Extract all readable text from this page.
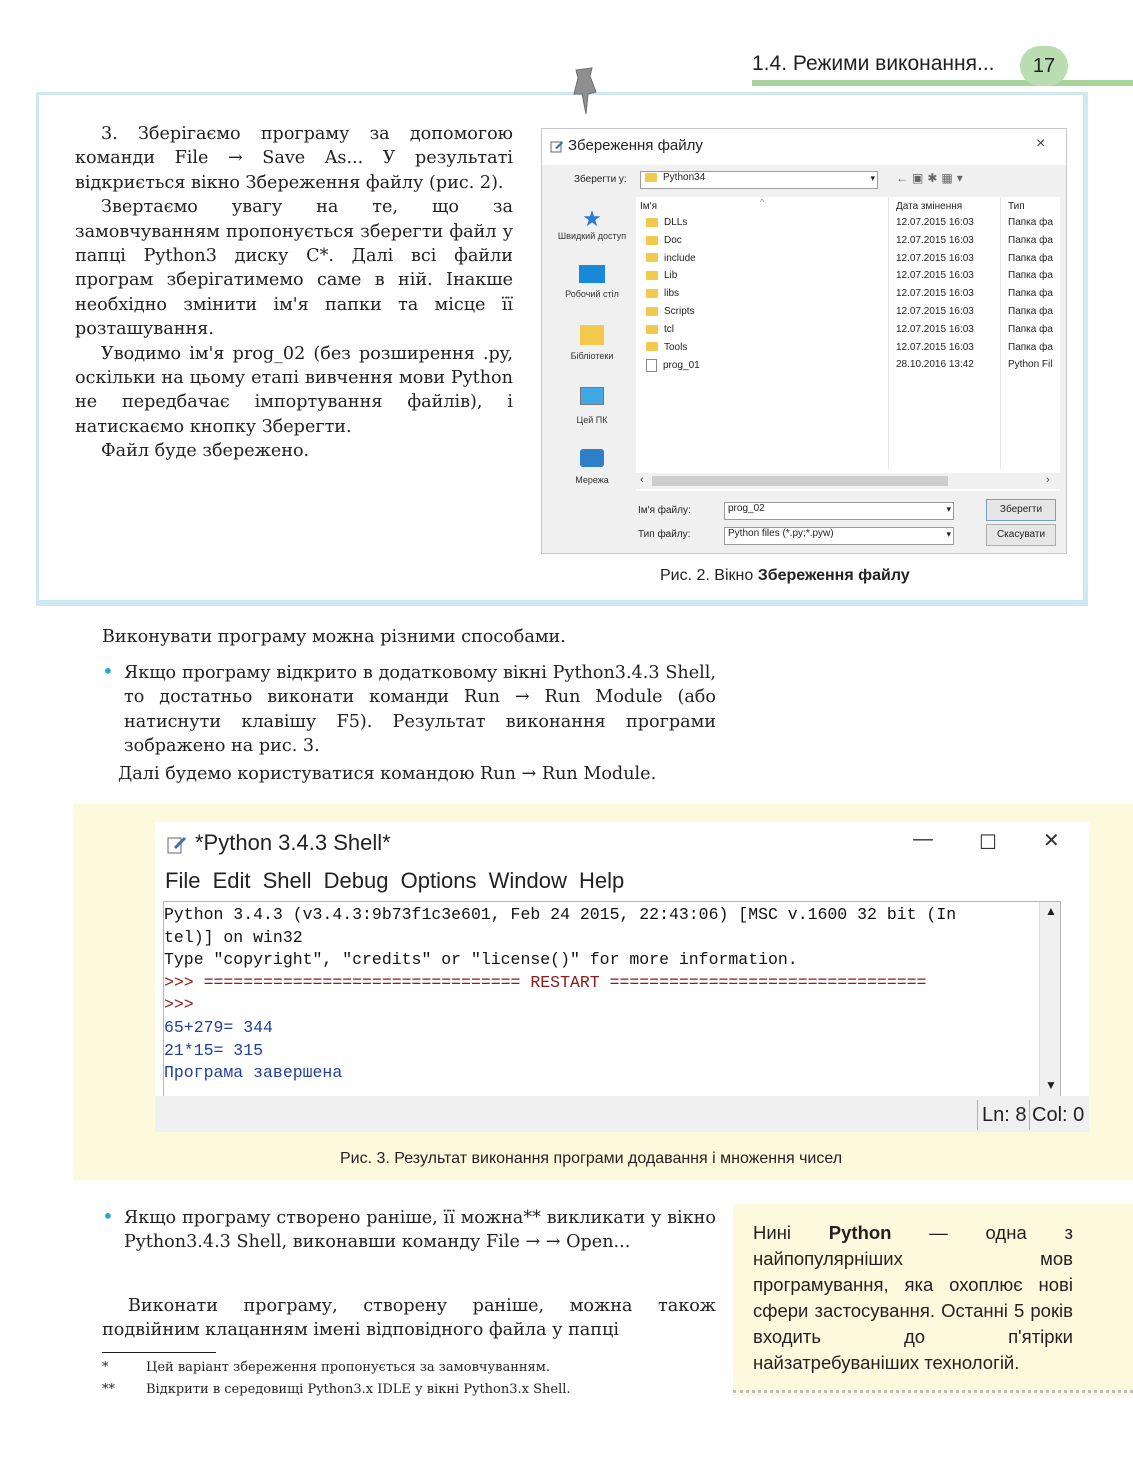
1.4. Режими виконання...	17

3. Зберігаємо програму за допомогою команди File → Save As... У результаті відкриється вікно Збереження файлу (рис. 2).

Звертаємо увагу на те, що за замовчуванням пропонується зберегти файл у папці Python3 диску С*. Далі всі файли програм зберігатимемо саме в ній. Інакше необхідно змінити ім'я папки та місце її розташування.

Уводимо ім'я prog_02 (без розширення .py, оскільки на цьому етапі вивчення мови Python не передбачає імпортування файлів), і натискаємо кнопку Зберегти.

Файл буде збережено.

Збереження файлу	×
Зберегти у:	Python34	▾ ←▣✱▦▾
★
Швидкий доступ
Робочий стіл
Бібліотеки
Цей ПК
Мережа
Ім'я	^	Дата змінення	Тип
DLLs	12.07.2015 16:03	Папка фа
Doc	12.07.2015 16:03	Папка фа
include	12.07.2015 16:03	Папка фа
Lib	12.07.2015 16:03	Папка фа
libs	12.07.2015 16:03	Папка фа
Scripts	12.07.2015 16:03	Папка фа
tcl	12.07.2015 16:03	Папка фа
Tools	12.07.2015 16:03	Папка фа
prog_01	28.10.2016 13:42	Python Fil
‹	›
Ім'я файлу:	prog_02	▾
Тип файлу:	Python files (*.py;*.pyw)	▾
Зберегти
Скасувати
Рис. 2. Вікно Збереження файлу
Виконувати програму можна різними способами.
• Якщо програму відкрито в додатковому вікні Python3.4.3 Shell, то достатньо виконати команди Run → Run Module (або натиснути клавішу F5). Результат виконання програми зображено на рис. 3.
Далі будемо користуватися командою Run → Run Module.
*Python 3.4.3 Shell*	— ☐ ✕
File Edit Shell Debug Options Window Help
Python 3.4.3 (v3.4.3:9b73f1c3e601, Feb 24 2015, 22:43:06) [MSC v.1600 32 bit (In
tel)] on win32
Type "copyright", "credits" or "license()" for more information.
>>> ================================ RESTART ================================
>>>
65+279= 344
21*15= 315
Програма завершена
▲
▼
Ln: 8 Col: 0
Рис. 3. Результат виконання програми додавання і множення чисел
• Якщо програму створено раніше, її можна** викликати у вікно Python3.4.3 Shell, виконавши команду File → → Open...

Виконати програму, створену раніше, можна також подвійним клацанням імені відповідного файла у папці

*	Цей варіант збереження пропонується за замовчуванням.
** Відкрити в середовищі Python3.x IDLE у вікні Python3.x Shell.
Нині Python — одна з найпопулярніших мов програмування, яка охоплює нові сфери застосування. Останні 5 років входить до п'ятірки найзатребуваніших технологій.
